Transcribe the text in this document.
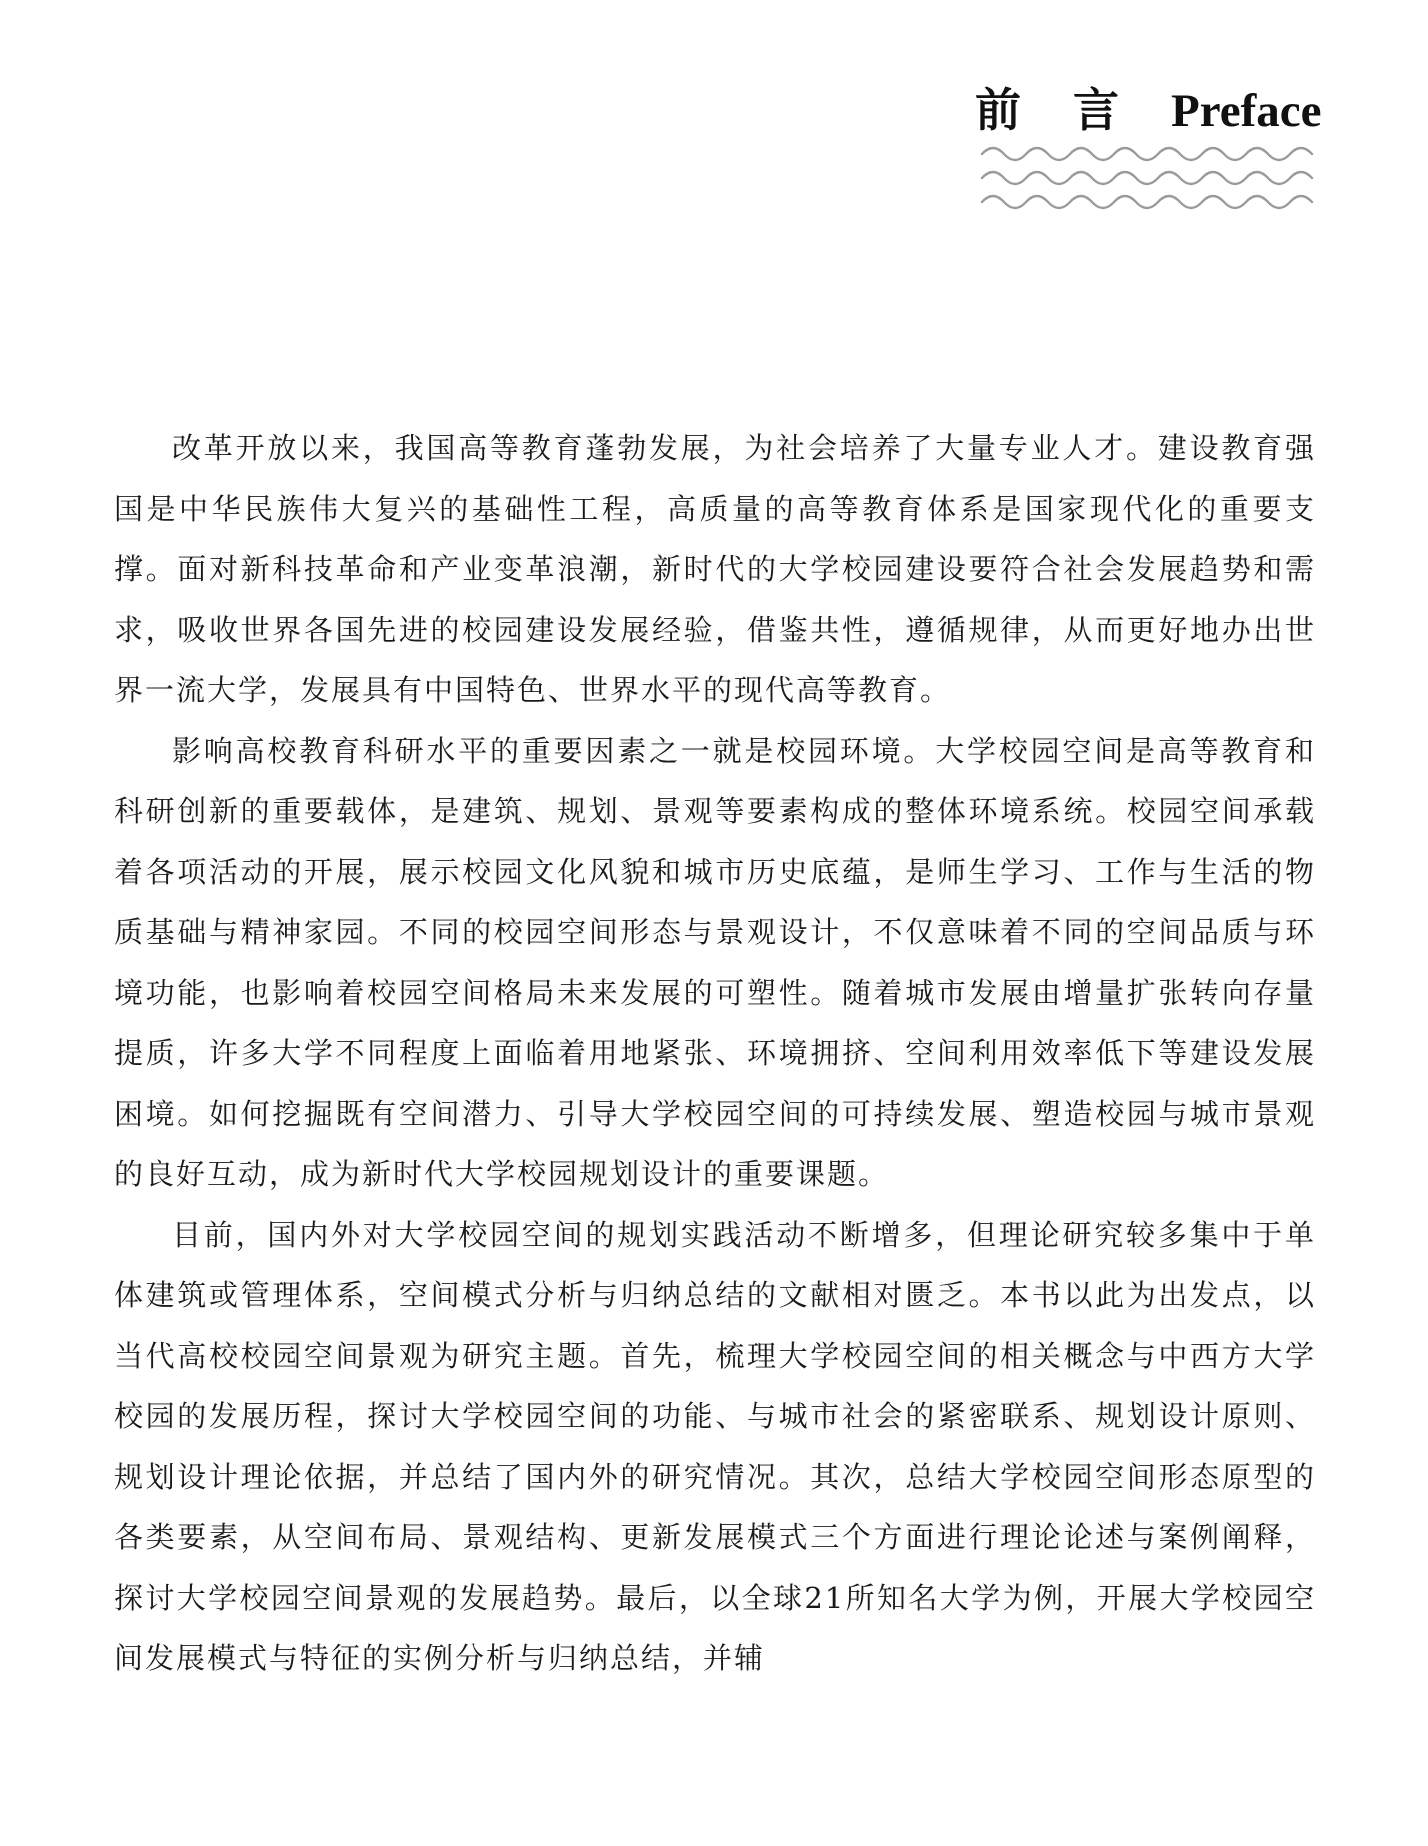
前言Preface

改革开放以来，我国高等教育蓬勃发展，为社会培养了大量专业人才。建设教育强国是中华民族伟大复兴的基础性工程，高质量的高等教育体系是国家现代化的重要支撑。面对新科技革命和产业变革浪潮，新时代的大学校园建设要符合社会发展趋势和需求，吸收世界各国先进的校园建设发展经验，借鉴共性，遵循规律，从而更好地办出世界一流大学，发展具有中国特色、世界水平的现代高等教育。

影响高校教育科研水平的重要因素之一就是校园环境。大学校园空间是高等教育和科研创新的重要载体，是建筑、规划、景观等要素构成的整体环境系统。校园空间承载着各项活动的开展，展示校园文化风貌和城市历史底蕴，是师生学习、工作与生活的物质基础与精神家园。不同的校园空间形态与景观设计，不仅意味着不同的空间品质与环境功能，也影响着校园空间格局未来发展的可塑性。随着城市发展由增量扩张转向存量提质，许多大学不同程度上面临着用地紧张、环境拥挤、空间利用效率低下等建设发展困境。如何挖掘既有空间潜力、引导大学校园空间的可持续发展、塑造校园与城市景观的良好互动，成为新时代大学校园规划设计的重要课题。

目前，国内外对大学校园空间的规划实践活动不断增多，但理论研究较多集中于单体建筑或管理体系，空间模式分析与归纳总结的文献相对匮乏。本书以此为出发点，以当代高校校园空间景观为研究主题。首先，梳理大学校园空间的相关概念与中西方大学校园的发展历程，探讨大学校园空间的功能、与城市社会的紧密联系、规划设计原则、规划设计理论依据，并总结了国内外的研究情况。其次，总结大学校园空间形态原型的各类要素，从空间布局、景观结构、更新发展模式三个方面进行理论论述与案例阐释，探讨大学校园空间景观的发展趋势。最后，以全球21所知名大学为例，开展大学校园空间发展模式与特征的实例分析与归纳总结，并辅
